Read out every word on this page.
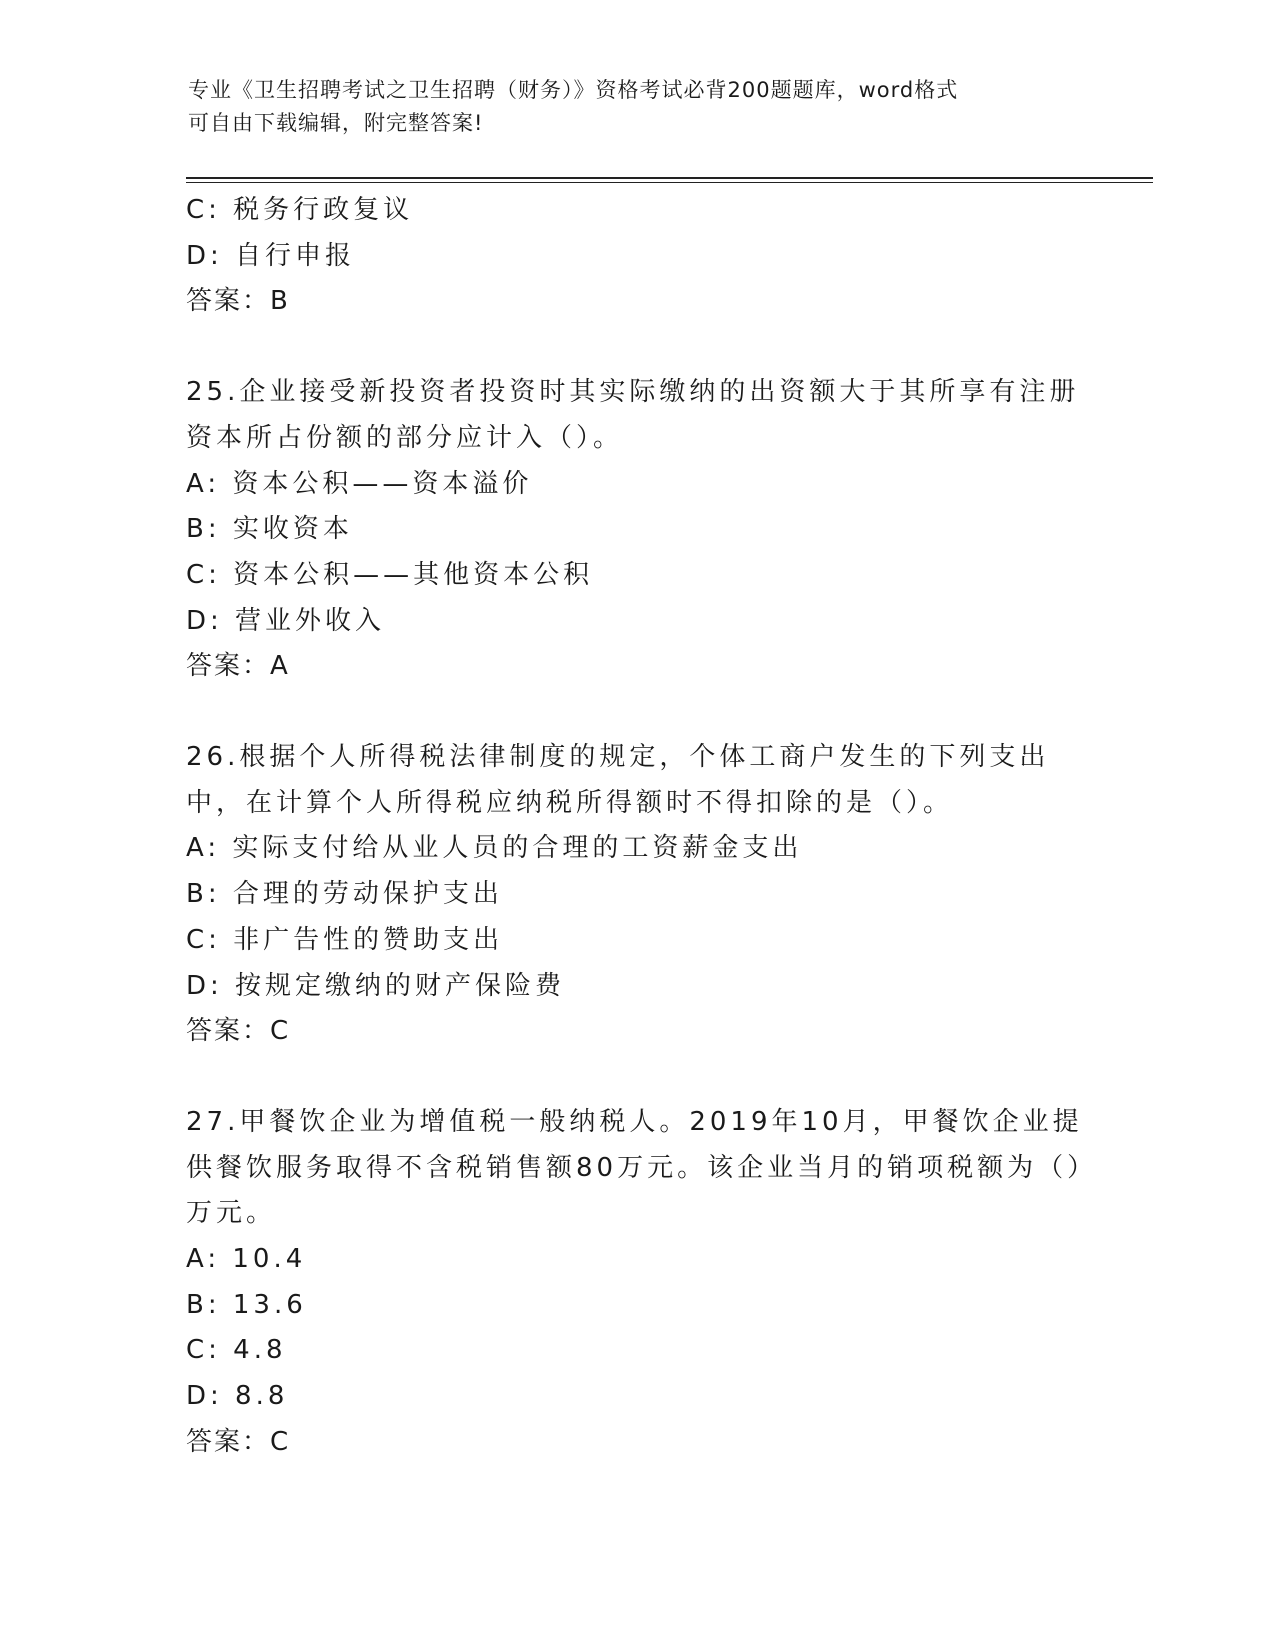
专业《卫生招聘考试之卫生招聘（财务）》资格考试必背200题题库，word格式
可自由下载编辑，附完整答案!

C: 税务行政复议

D: 自行申报

答案：B

25.企业接受新投资者投资时其实际缴纳的出资额大于其所享有注册资本所占份额的部分应计入（）。

A: 资本公积——资本溢价

B: 实收资本

C: 资本公积——其他资本公积

D: 营业外收入

答案：A

26.根据个人所得税法律制度的规定，个体工商户发生的下列支出中，在计算个人所得税应纳税所得额时不得扣除的是（）。

A: 实际支付给从业人员的合理的工资薪金支出

B: 合理的劳动保护支出

C: 非广告性的赞助支出

D: 按规定缴纳的财产保险费

答案：C

27.甲餐饮企业为增值税一般纳税人。2019年10月，甲餐饮企业提供餐饮服务取得不含税销售额80万元。该企业当月的销项税额为（）万元。

A: 10.4

B: 13.6

C: 4.8

D: 8.8

答案：C
